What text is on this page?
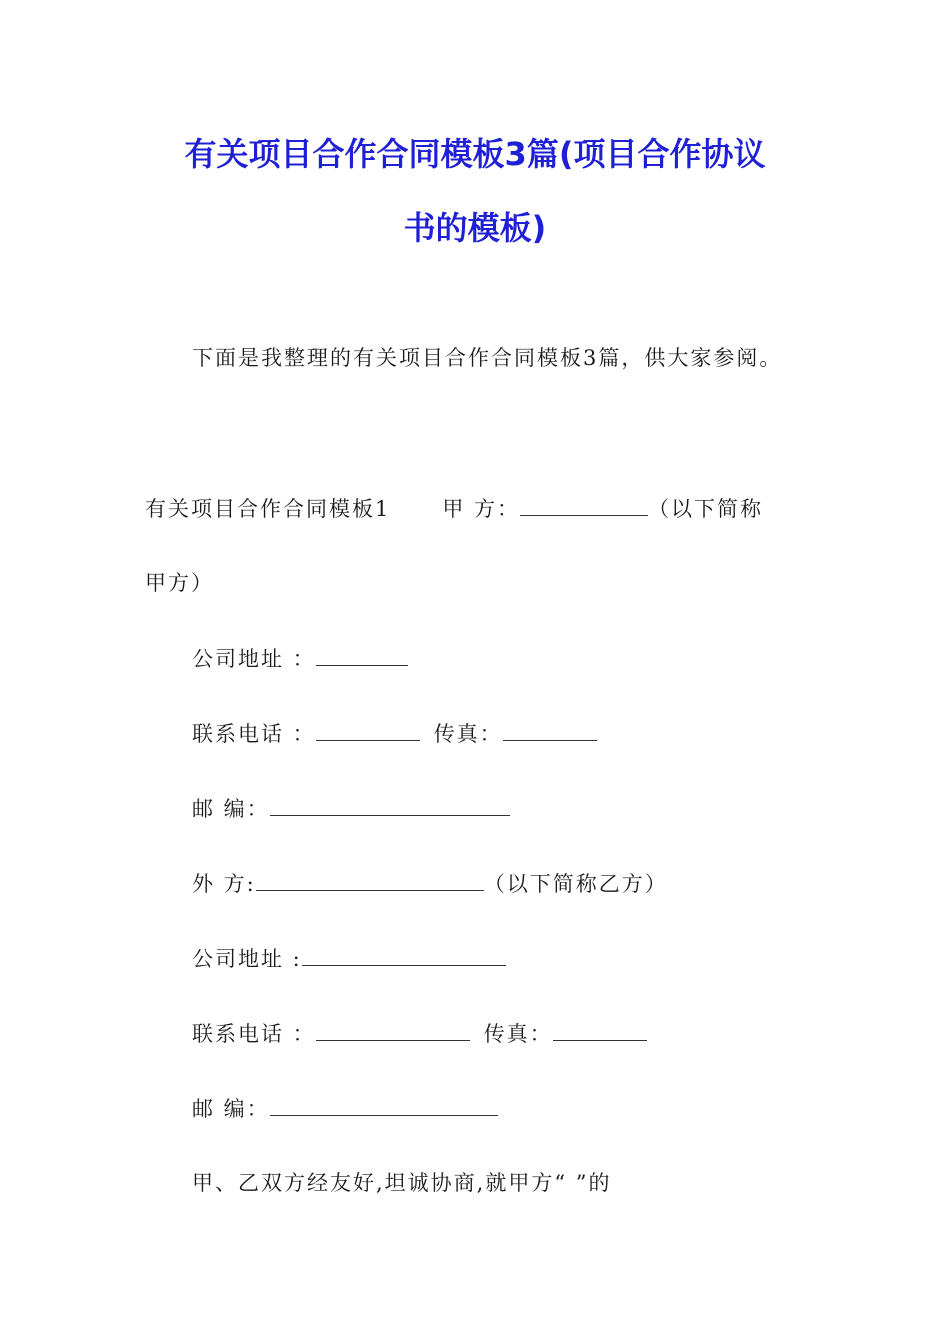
有关项目合作合同模板3篇(项目合作协议
书的模板)
下面是我整理的有关项目合作合同模板3篇，供大家参阅。
有关项目合作合同模板1 甲 方：	（以下简称
甲方）
公司地址 ：
联系电话 ：	传真：
邮 编：
外 方:	（以下简称乙方）
公司地址 :
联系电话 ：	传真：
邮 编：
甲、乙双方经友好,坦诚协商,就甲方“ ”的
